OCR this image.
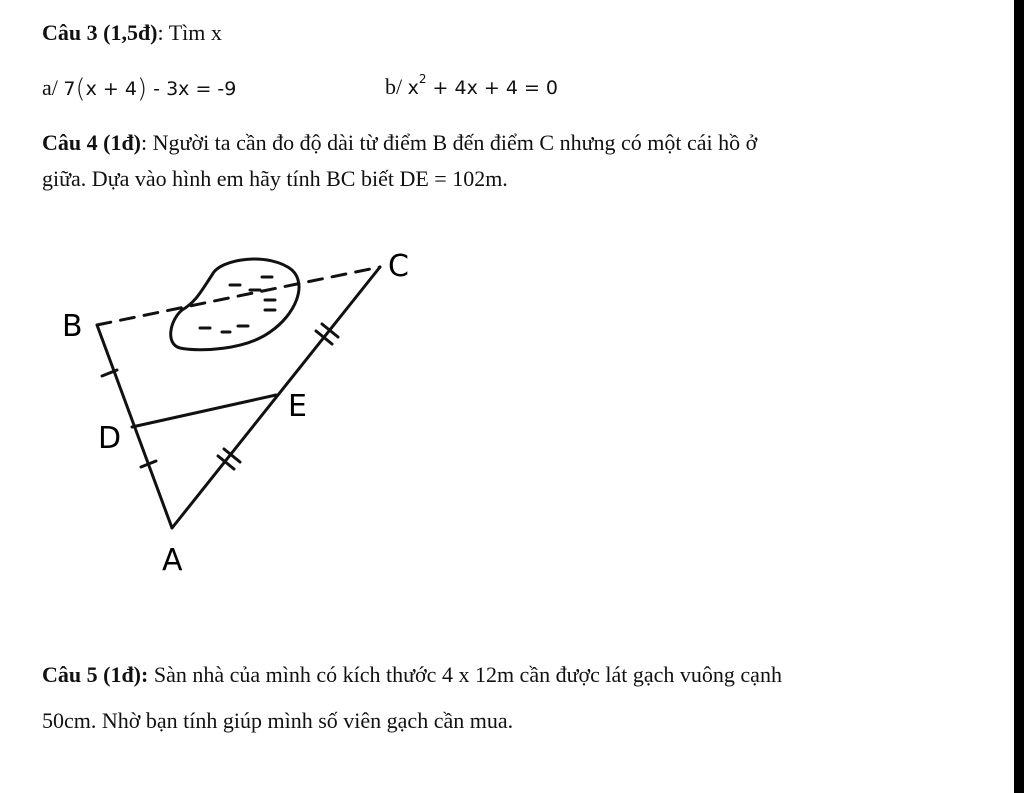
Câu 3 (1,5đ): Tìm x
a/ 7(x + 4) - 3x = -9	b/ $x^2 + 4x + 4 = 0$
Câu 4 (1đ): Người ta cần đo độ dài từ điểm B đến điểm C nhưng có một cái hồ ở
giữa. Dựa vào hình em hãy tính BC biết DE = 102m.
B
C
D
E
A
Câu 5 (1đ): Sàn nhà của mình có kích thước 4 x 12m cần được lát gạch vuông cạnh
50cm. Nhờ bạn tính giúp mình số viên gạch cần mua.
